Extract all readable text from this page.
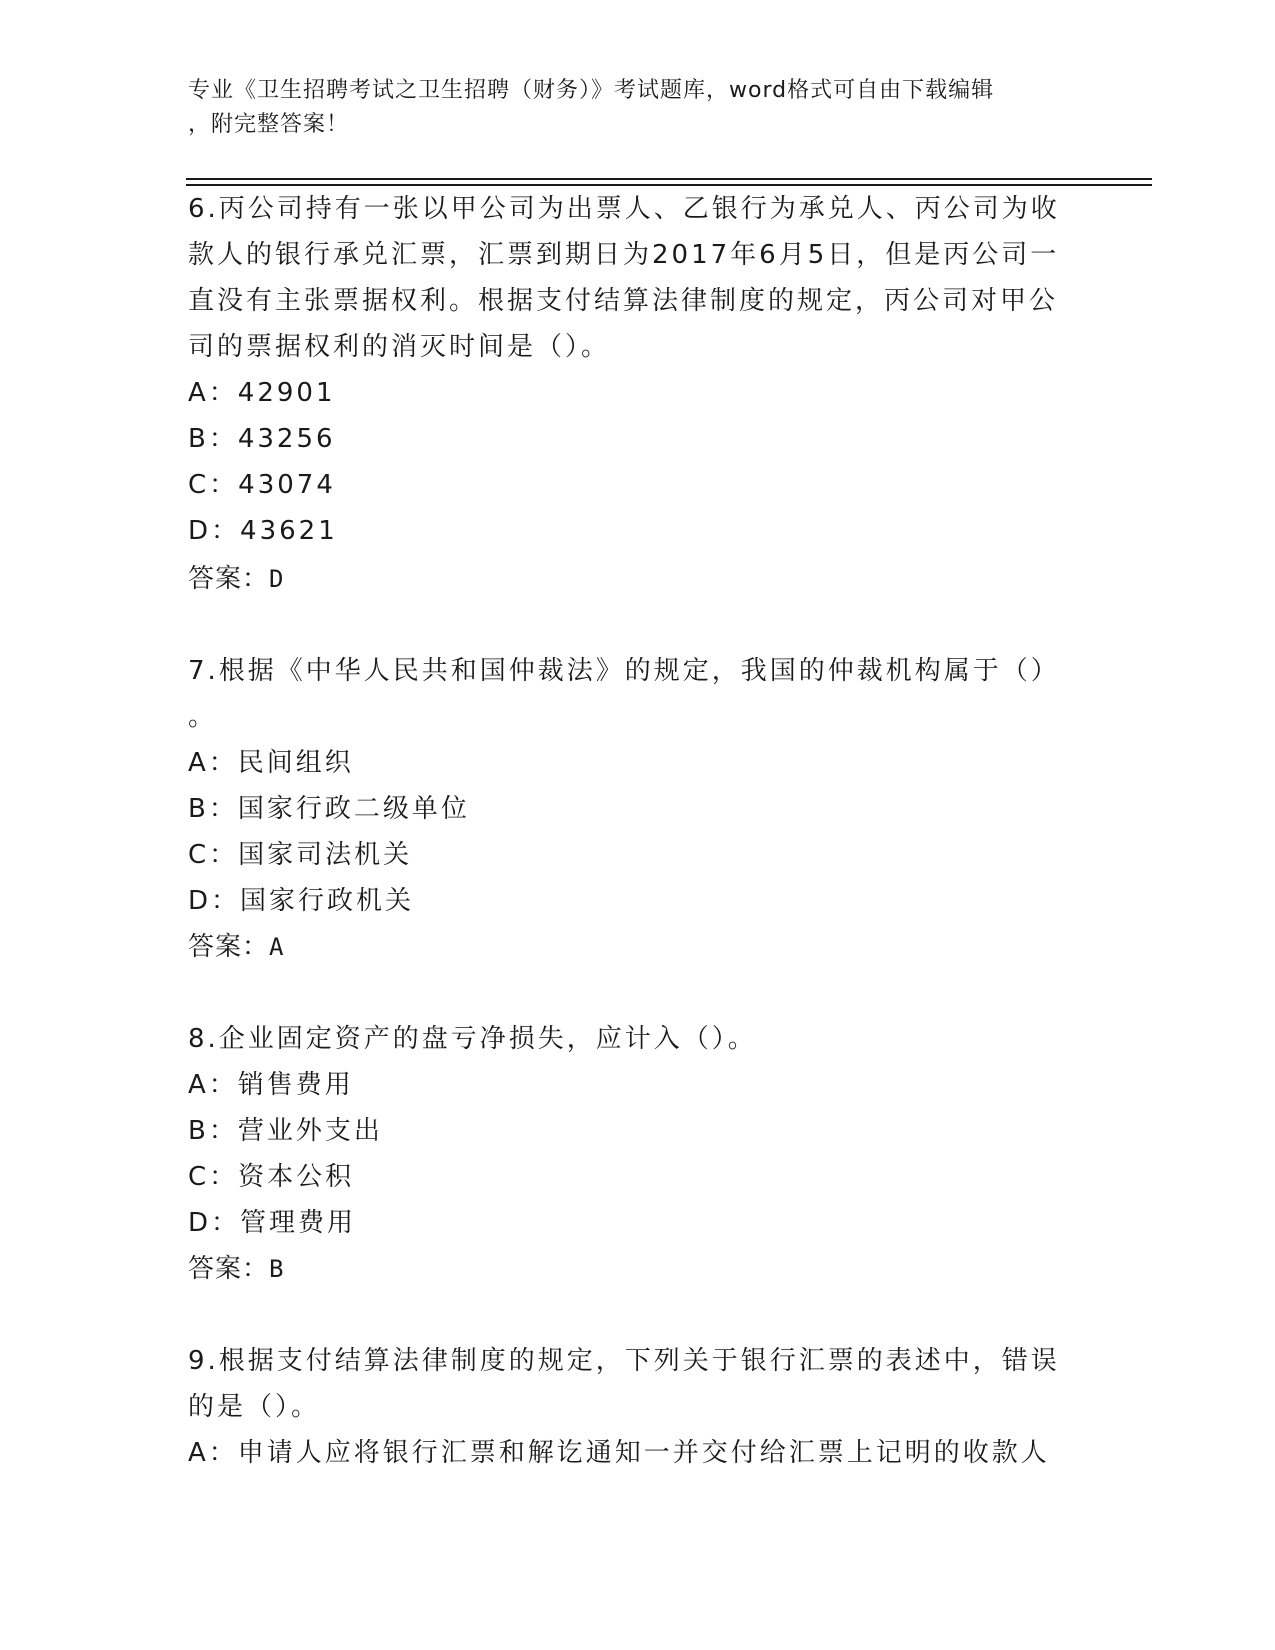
专业《卫生招聘考试之卫生招聘（财务）》考试题库，word格式可自由下载编辑
，附完整答案！
6.丙公司持有一张以甲公司为出票人、乙银行为承兑人、丙公司为收
款人的银行承兑汇票，汇票到期日为2017年6月5日，但是丙公司一
直没有主张票据权利。根据支付结算法律制度的规定，丙公司对甲公
司的票据权利的消灭时间是（）。
A：42901
B：43256
C：43074
D：43621
答案：D
7.根据《中华人民共和国仲裁法》的规定，我国的仲裁机构属于（）
。
A：民间组织
B：国家行政二级单位
C：国家司法机关
D：国家行政机关
答案：A
8.企业固定资产的盘亏净损失，应计入（）。
A：销售费用
B：营业外支出
C：资本公积
D：管理费用
答案：B
9.根据支付结算法律制度的规定，下列关于银行汇票的表述中，错误
的是（）。
A：申请人应将银行汇票和解讫通知一并交付给汇票上记明的收款人
